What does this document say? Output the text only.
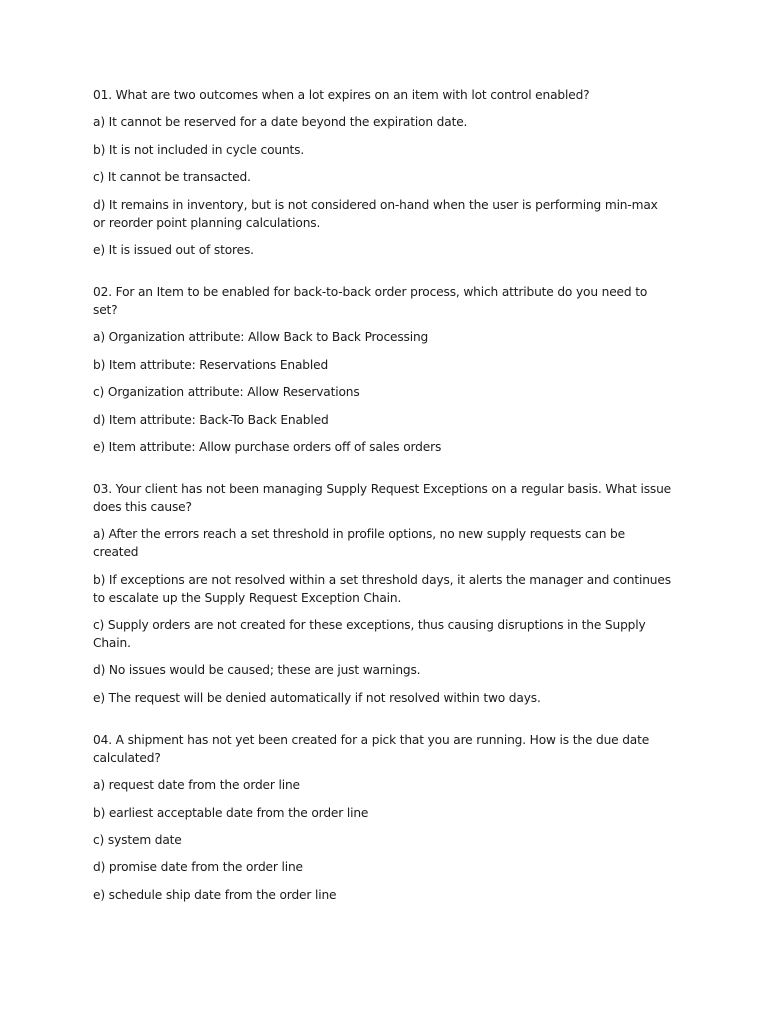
01. What are two outcomes when a lot expires on an item with lot control enabled?

a) It cannot be reserved for a date beyond the expiration date.

b) It is not included in cycle counts.

c) It cannot be transacted.

d) It remains in inventory, but is not considered on-hand when the user is performing min-max or reorder point planning calculations.

e) It is issued out of stores.

02. For an Item to be enabled for back-to-back order process, which attribute do you need to set?

a) Organization attribute: Allow Back to Back Processing

b) Item attribute: Reservations Enabled

c) Organization attribute: Allow Reservations

d) Item attribute: Back-To Back Enabled

e) Item attribute: Allow purchase orders off of sales orders

03. Your client has not been managing Supply Request Exceptions on a regular basis. What issue does this cause?

a) After the errors reach a set threshold in profile options, no new supply requests can be created

b) If exceptions are not resolved within a set threshold days, it alerts the manager and continues to escalate up the Supply Request Exception Chain.

c) Supply orders are not created for these exceptions, thus causing disruptions in the Supply Chain.

d) No issues would be caused; these are just warnings.

e) The request will be denied automatically if not resolved within two days.

04. A shipment has not yet been created for a pick that you are running. How is the due date calculated?

a) request date from the order line

b) earliest acceptable date from the order line

c) system date

d) promise date from the order line

e) schedule ship date from the order line
